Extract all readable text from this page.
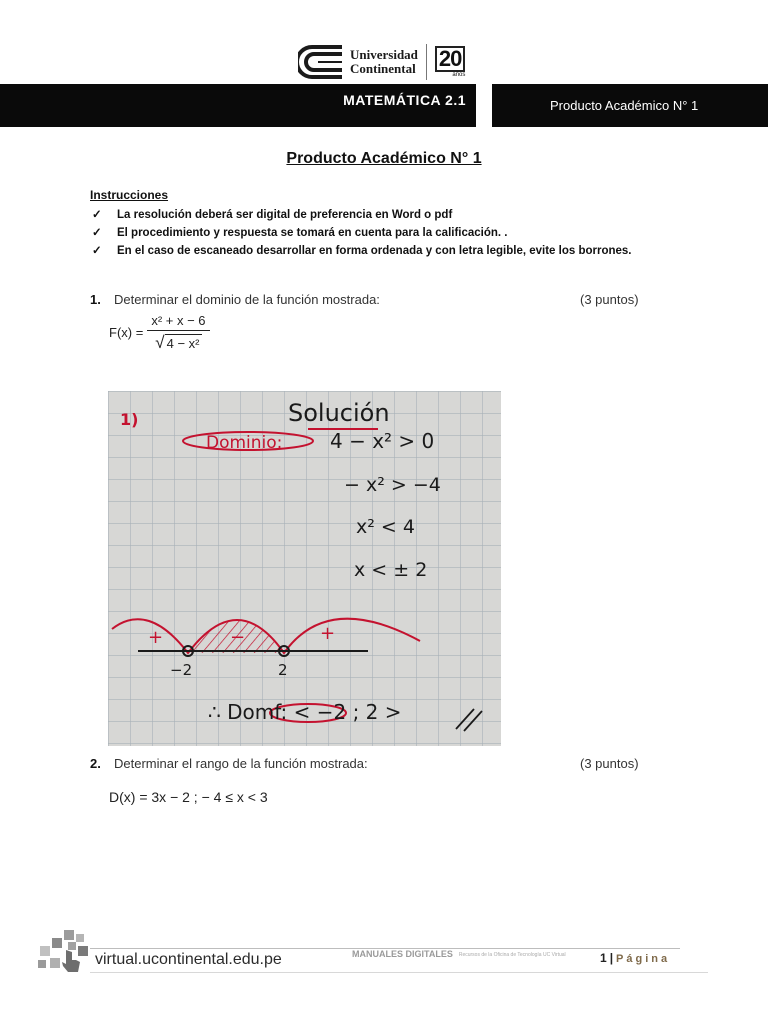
Universidad
Continental 20
años
MATEMÁTICA 2.1	Producto Académico N° 1
Producto Académico N° 1
Instrucciones
✓	La resolución deberá ser digital de preferencia en Word o pdf
✓	El procedimiento y respuesta se tomará en cuenta para la calificación. .
✓	En el caso de escaneado desarrollar en forma ordenada y con letra legible, evite los borrones.
1.	Determinar el dominio de la función mostrada:	(3 puntos)
$F(x) = \frac{\text{x² + x − 6}}{\text{√ 4 − x²}}$
1)	Solución
Dominio: 4 − x² > 0
− x² > −4
x² < 4
x < ± 2
+	−	+
−2	2
∴ Domf: < −2 ; 2 >
2.	Determinar el rango de la función mostrada:	(3 puntos)
D(x) = 3x − 2 ; − 4 ≤ x < 3
virtual.ucontinental.edu.pe	MANUALES DIGITALES Recursos de la Oficina de Tecnología UC Virtual	1 | Página
